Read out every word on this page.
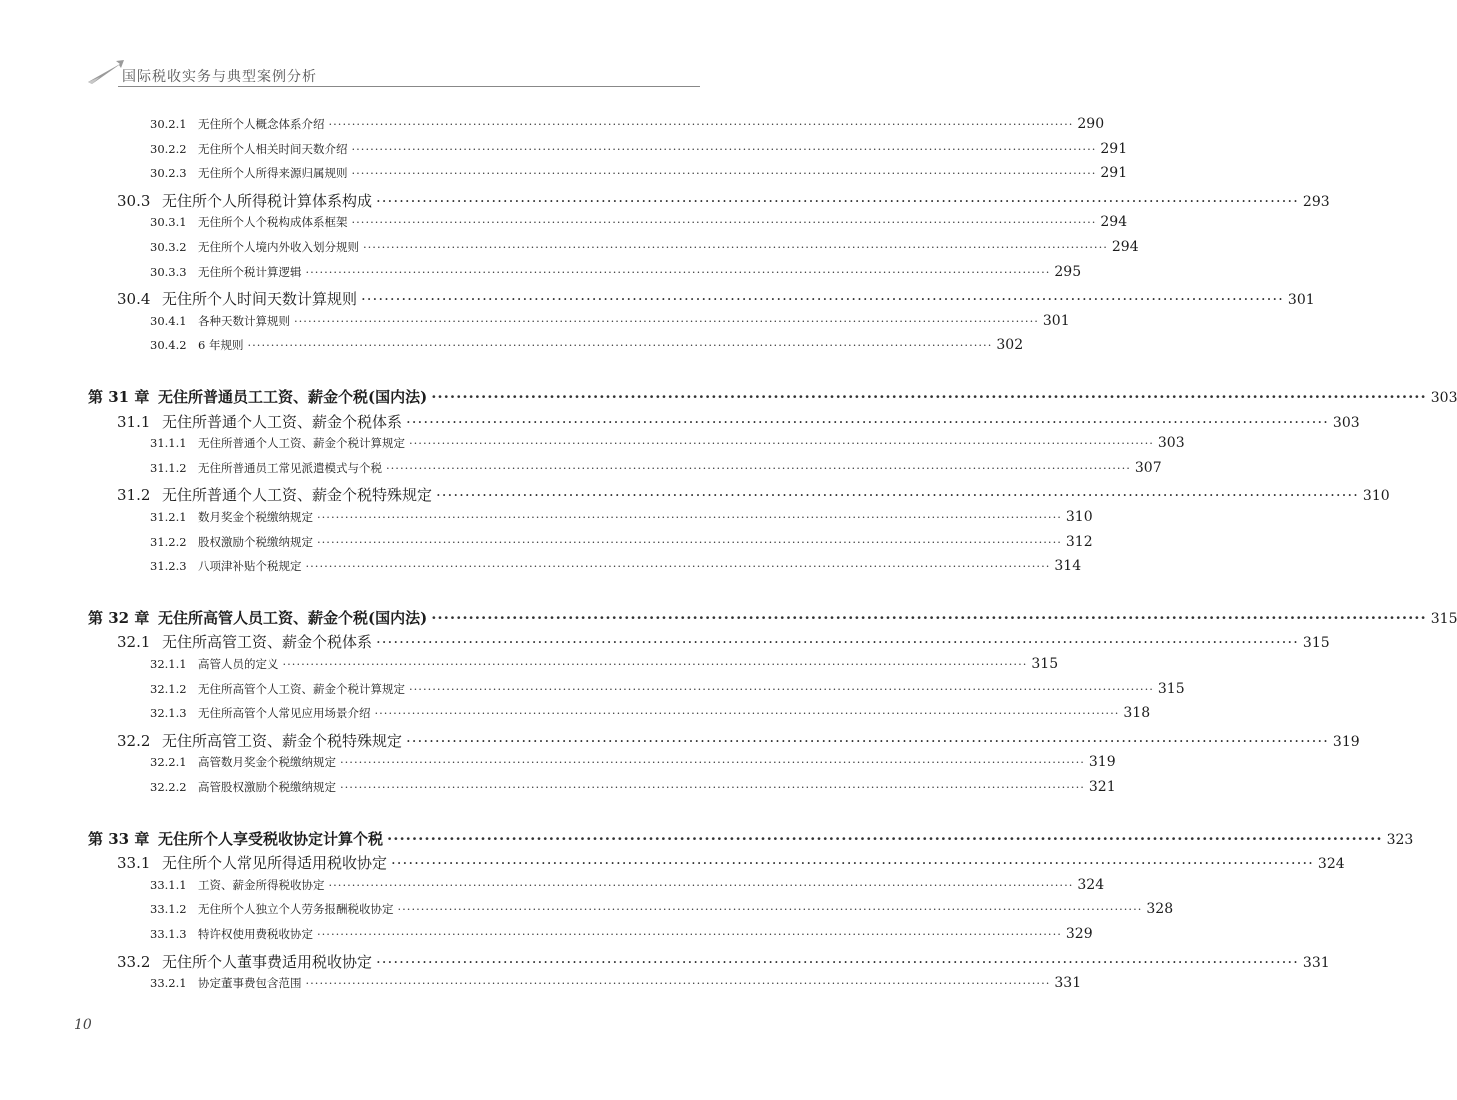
国际税收实务与典型案例分析
30.2.1 无住所个人概念体系介绍 ································································································································································ 290
30.2.2 无住所个人相关时间天数介绍 ································································································································································ 291
30.2.3 无住所个人所得来源归属规则 ································································································································································ 291
30.3 无住所个人所得税计算体系构成 ································································································································································ 293
30.3.1 无住所个人个税构成体系框架 ································································································································································ 294
30.3.2 无住所个人境内外收入划分规则 ································································································································································ 294
30.3.3 无住所个税计算逻辑 ································································································································································ 295
30.4 无住所个人时间天数计算规则 ································································································································································ 301
30.4.1 各种天数计算规则 ································································································································································ 301
30.4.2 6 年规则 ································································································································································ 302
第 31 章 无住所普通员工工资、薪金个税(国内法) ································································································································································ 303
31.1 无住所普通个人工资、薪金个税体系 ································································································································································ 303
31.1.1 无住所普通个人工资、薪金个税计算规定 ································································································································································ 303
31.1.2 无住所普通员工常见派遣模式与个税 ································································································································································ 307
31.2 无住所普通个人工资、薪金个税特殊规定 ································································································································································ 310
31.2.1 数月奖金个税缴纳规定 ································································································································································ 310
31.2.2 股权激励个税缴纳规定 ································································································································································ 312
31.2.3 八项津补贴个税规定 ································································································································································ 314
第 32 章 无住所高管人员工资、薪金个税(国内法) ································································································································································ 315
32.1 无住所高管工资、薪金个税体系 ································································································································································ 315
32.1.1 高管人员的定义 ································································································································································ 315
32.1.2 无住所高管个人工资、薪金个税计算规定 ································································································································································ 315
32.1.3 无住所高管个人常见应用场景介绍 ································································································································································ 318
32.2 无住所高管工资、薪金个税特殊规定 ································································································································································ 319
32.2.1 高管数月奖金个税缴纳规定 ································································································································································ 319
32.2.2 高管股权激励个税缴纳规定 ································································································································································ 321
第 33 章 无住所个人享受税收协定计算个税 ································································································································································ 323
33.1 无住所个人常见所得适用税收协定 ································································································································································ 324
33.1.1 工资、薪金所得税收协定 ································································································································································ 324
33.1.2 无住所个人独立个人劳务报酬税收协定 ································································································································································ 328
33.1.3 特许权使用费税收协定 ································································································································································ 329
33.2 无住所个人董事费适用税收协定 ································································································································································ 331
33.2.1 协定董事费包含范围 ································································································································································ 331
10
